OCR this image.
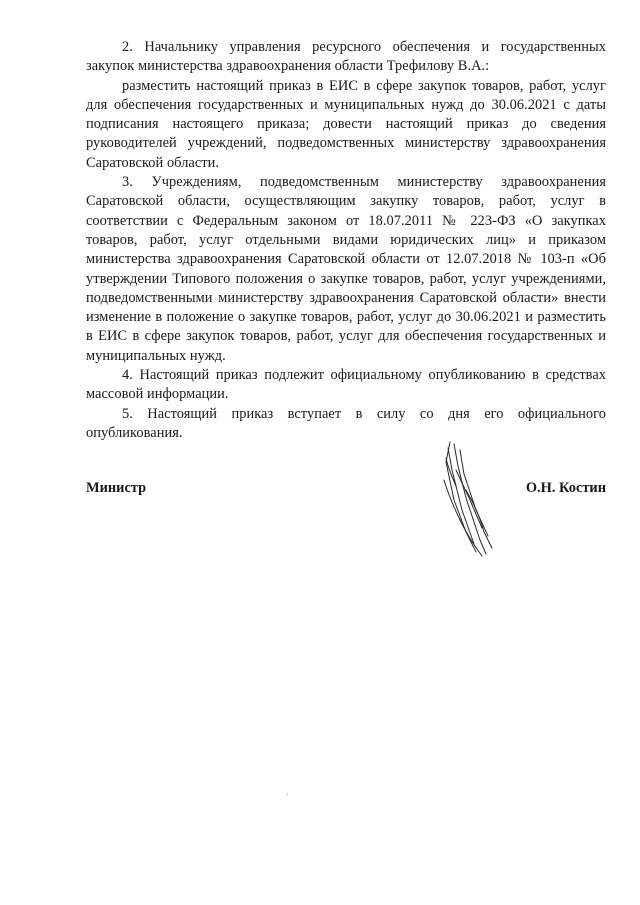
2. Начальнику управления ресурсного обеспечения и государственных закупок министерства здравоохранения области Трефилову В.А.:

разместить настоящий приказ в ЕИС в сфере закупок товаров, работ, услуг для обеспечения государственных и муниципальных нужд до 30.06.2021 с даты подписания настоящего приказа; довести настоящий приказ до сведения руководителей учреждений, подведомственных министерству здравоохранения Саратовской области.

3. Учреждениям, подведомственным министерству здравоохранения Саратовской области, осуществляющим закупку товаров, работ, услуг в соответствии с Федеральным законом от 18.07.2011 № 223-ФЗ «О закупках товаров, работ, услуг отдельными видами юридических лиц» и приказом министерства здравоохранения Саратовской области от 12.07.2018 № 103-п «Об утверждении Типового положения о закупке товаров, работ, услуг учреждениями, подведомственными министерству здравоохранения Саратовской области» внести изменение в положение о закупке товаров, работ, услуг до 30.06.2021 и разместить в ЕИС в сфере закупок товаров, работ, услуг для обеспечения государственных и муниципальных нужд.

4. Настоящий приказ подлежит официальному опубликованию в средствах массовой информации.

5. Настоящий приказ вступает в силу со дня его официального опубликования.

Министр	О.Н. Костин
